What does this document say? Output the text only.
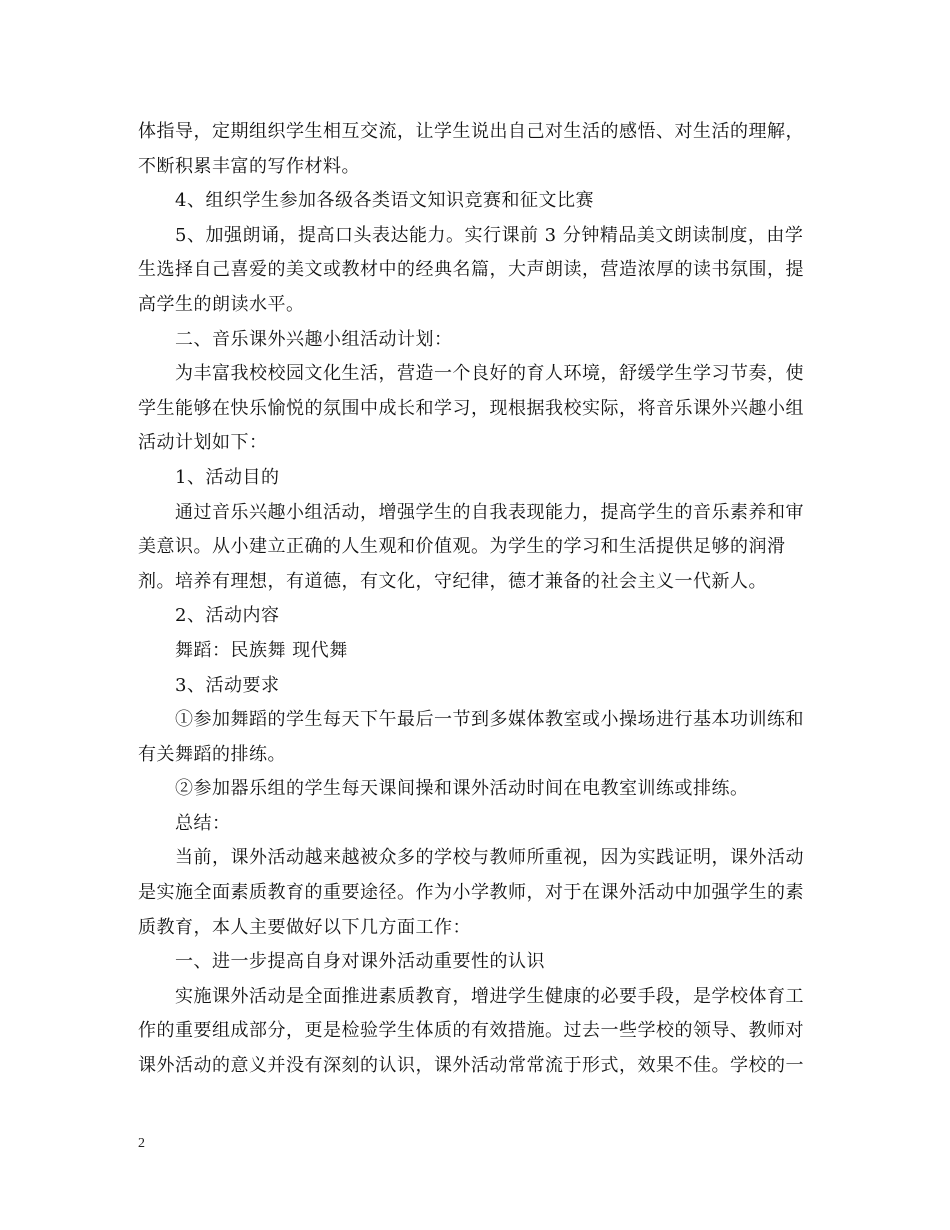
体指导，定期组织学生相互交流，让学生说出自己对生活的感悟、对生活的理解，不断积累丰富的写作材料。

4、组织学生参加各级各类语文知识竞赛和征文比赛

5、加强朗诵，提高口头表达能力。实行课前 3 分钟精品美文朗读制度，由学生选择自己喜爱的美文或教材中的经典名篇，大声朗读，营造浓厚的读书氛围，提高学生的朗读水平。

二、音乐课外兴趣小组活动计划：

为丰富我校校园文化生活，营造一个良好的育人环境，舒缓学生学习节奏，使学生能够在快乐愉悦的氛围中成长和学习，现根据我校实际，将音乐课外兴趣小组活动计划如下：

1、活动目的

通过音乐兴趣小组活动，增强学生的自我表现能力，提高学生的音乐素养和审美意识。从小建立正确的人生观和价值观。为学生的学习和生活提供足够的润滑剂。培养有理想，有道德，有文化，守纪律，德才兼备的社会主义一代新人。

2、活动内容

舞蹈：民族舞 现代舞

3、活动要求

①参加舞蹈的学生每天下午最后一节到多媒体教室或小操场进行基本功训练和有关舞蹈的排练。

②参加器乐组的学生每天课间操和课外活动时间在电教室训练或排练。

总结：

当前，课外活动越来越被众多的学校与教师所重视，因为实践证明，课外活动是实施全面素质教育的重要途径。作为小学教师，对于在课外活动中加强学生的素质教育，本人主要做好以下几方面工作：

一、进一步提高自身对课外活动重要性的认识

实施课外活动是全面推进素质教育，增进学生健康的必要手段，是学校体育工作的重要组成部分，更是检验学生体质的有效措施。过去一些学校的领导、教师对课外活动的意义并没有深刻的认识，课外活动常常流于形式，效果不佳。学校的一

2
